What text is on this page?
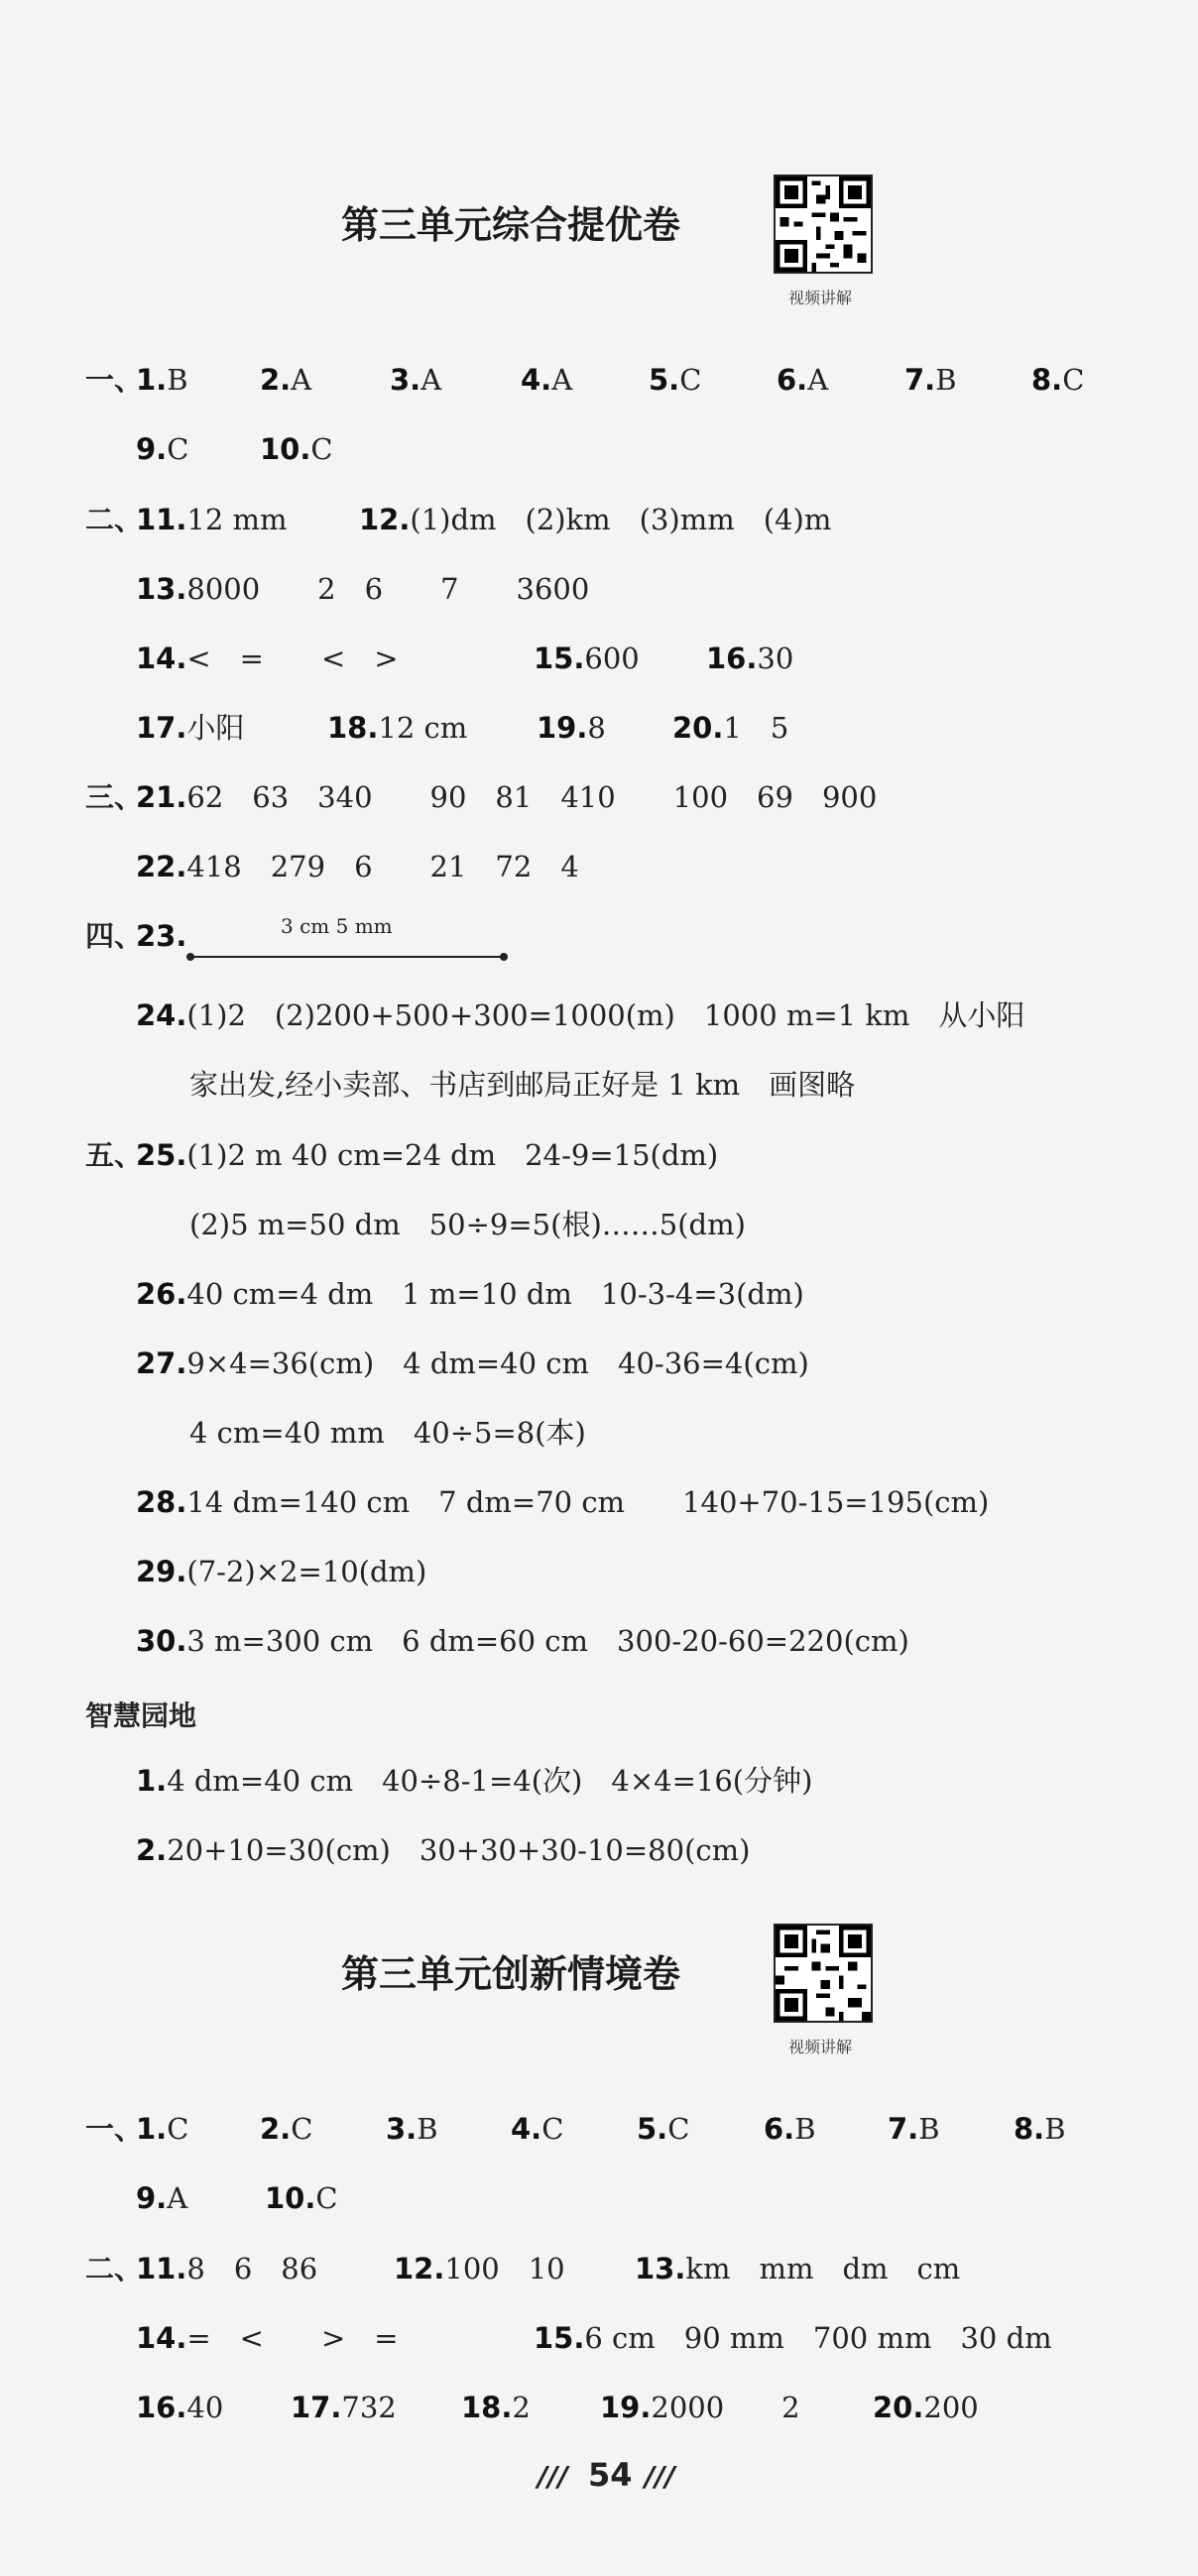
第三单元综合提优卷
视频讲解
一、
1.B 2.A	3.A	4.A	5.C	6.A	7.B	8.C
9.C 10.C
二、
11.12 mm	12.(1)dm　(2)km　(3)mm　(4)m
13.8000　　2　6　　7　　3600
14.<　=　　<　>	15.600 16.30
17.小阳	18.12 cm 19.8 20.1　5
三、
21.62　63　340　　90　81　410　　100　69　900
22.418　279　6　　21　72　4
四、
23.	3 cm 5 mm
24.(1)2　(2)200+500+300=1000(m)　1000 m=1 km　从小阳
家出发,经小卖部、书店到邮局正好是 1 km　画图略
五、
25.(1)2 m 40 cm=24 dm　24-9=15(dm)
(2)5 m=50 dm　50÷9=5(根)……5(dm)
26.40 cm=4 dm　1 m=10 dm　10-3-4=3(dm)
27.9×4=36(cm)　4 dm=40 cm　40-36=4(cm)
4 cm=40 mm　40÷5=8(本)
28.14 dm=140 cm　7 dm=70 cm　　140+70-15=195(cm)
29.(7-2)×2=10(dm)
30.3 m=300 cm　6 dm=60 cm　300-20-60=220(cm)
智慧园地
1.4 dm=40 cm　40÷8-1=4(次)　4×4=16(分钟)
2.20+10=30(cm)　30+30+30-10=80(cm)
第三单元创新情境卷
视频讲解
一、
1.C 2.C	3.B	4.C	5.C	6.B 7.B	8.B
9.A	10.C
二、
11.8　6　86	12.100　10 13.km　mm　dm　cm
14.=　<　　>　=	15.6 cm　90 mm　700 mm　30 dm
16.40 17.732 18.2 19.2000　　2	20.200
/// 54 ///
